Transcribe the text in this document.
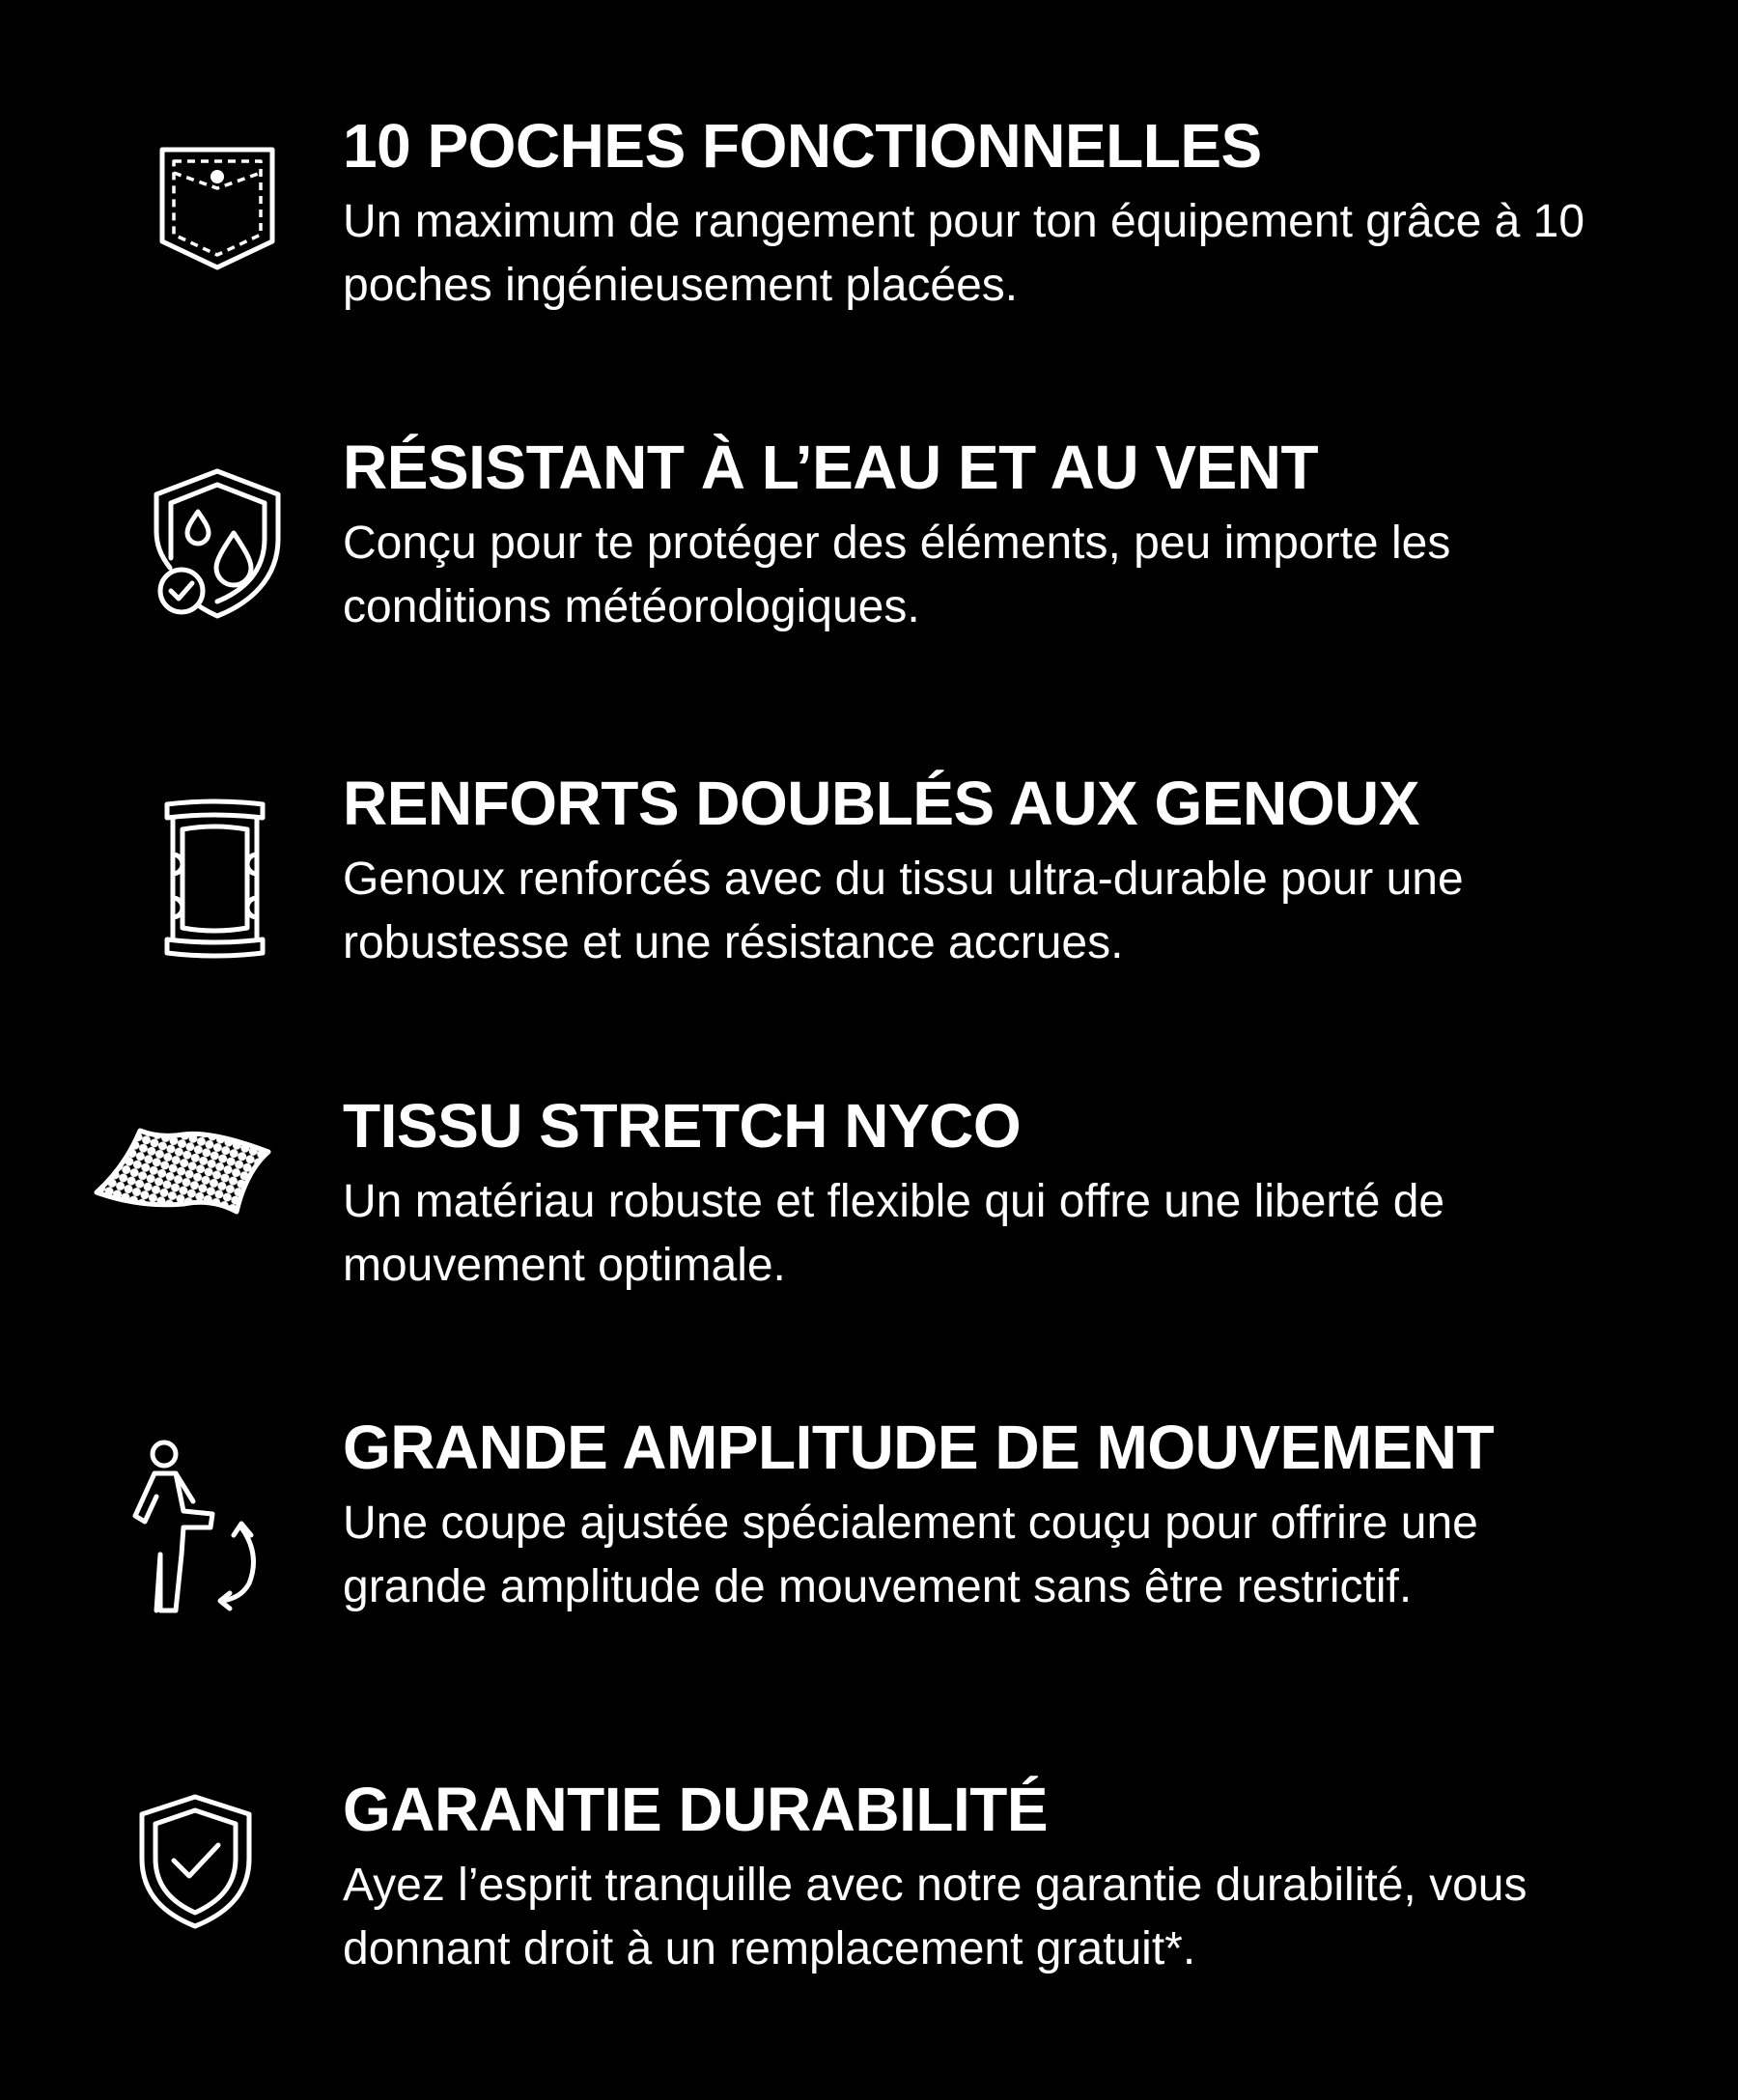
10 POCHES FONCTIONNELLES

Un maximum de rangement pour ton équipement grâce à 10 poches ingénieusement placées.

RÉSISTANT À L’EAU ET AU VENT

Conçu pour te protéger des éléments, peu importe les conditions météorologiques.

RENFORTS DOUBLÉS AUX GENOUX

Genoux renforcés avec du tissu ultra-durable pour une robustesse et une résistance accrues.

TISSU STRETCH NYCO

Un matériau robuste et flexible qui offre une liberté de mouvement optimale.

GRANDE AMPLITUDE DE MOUVEMENT

Une coupe ajustée spécialement couçu pour offrire une grande amplitude de mouvement sans être restrictif.

GARANTIE DURABILITÉ

Ayez l’esprit tranquille avec notre garantie durabilité, vous donnant droit à un remplacement gratuit*.
